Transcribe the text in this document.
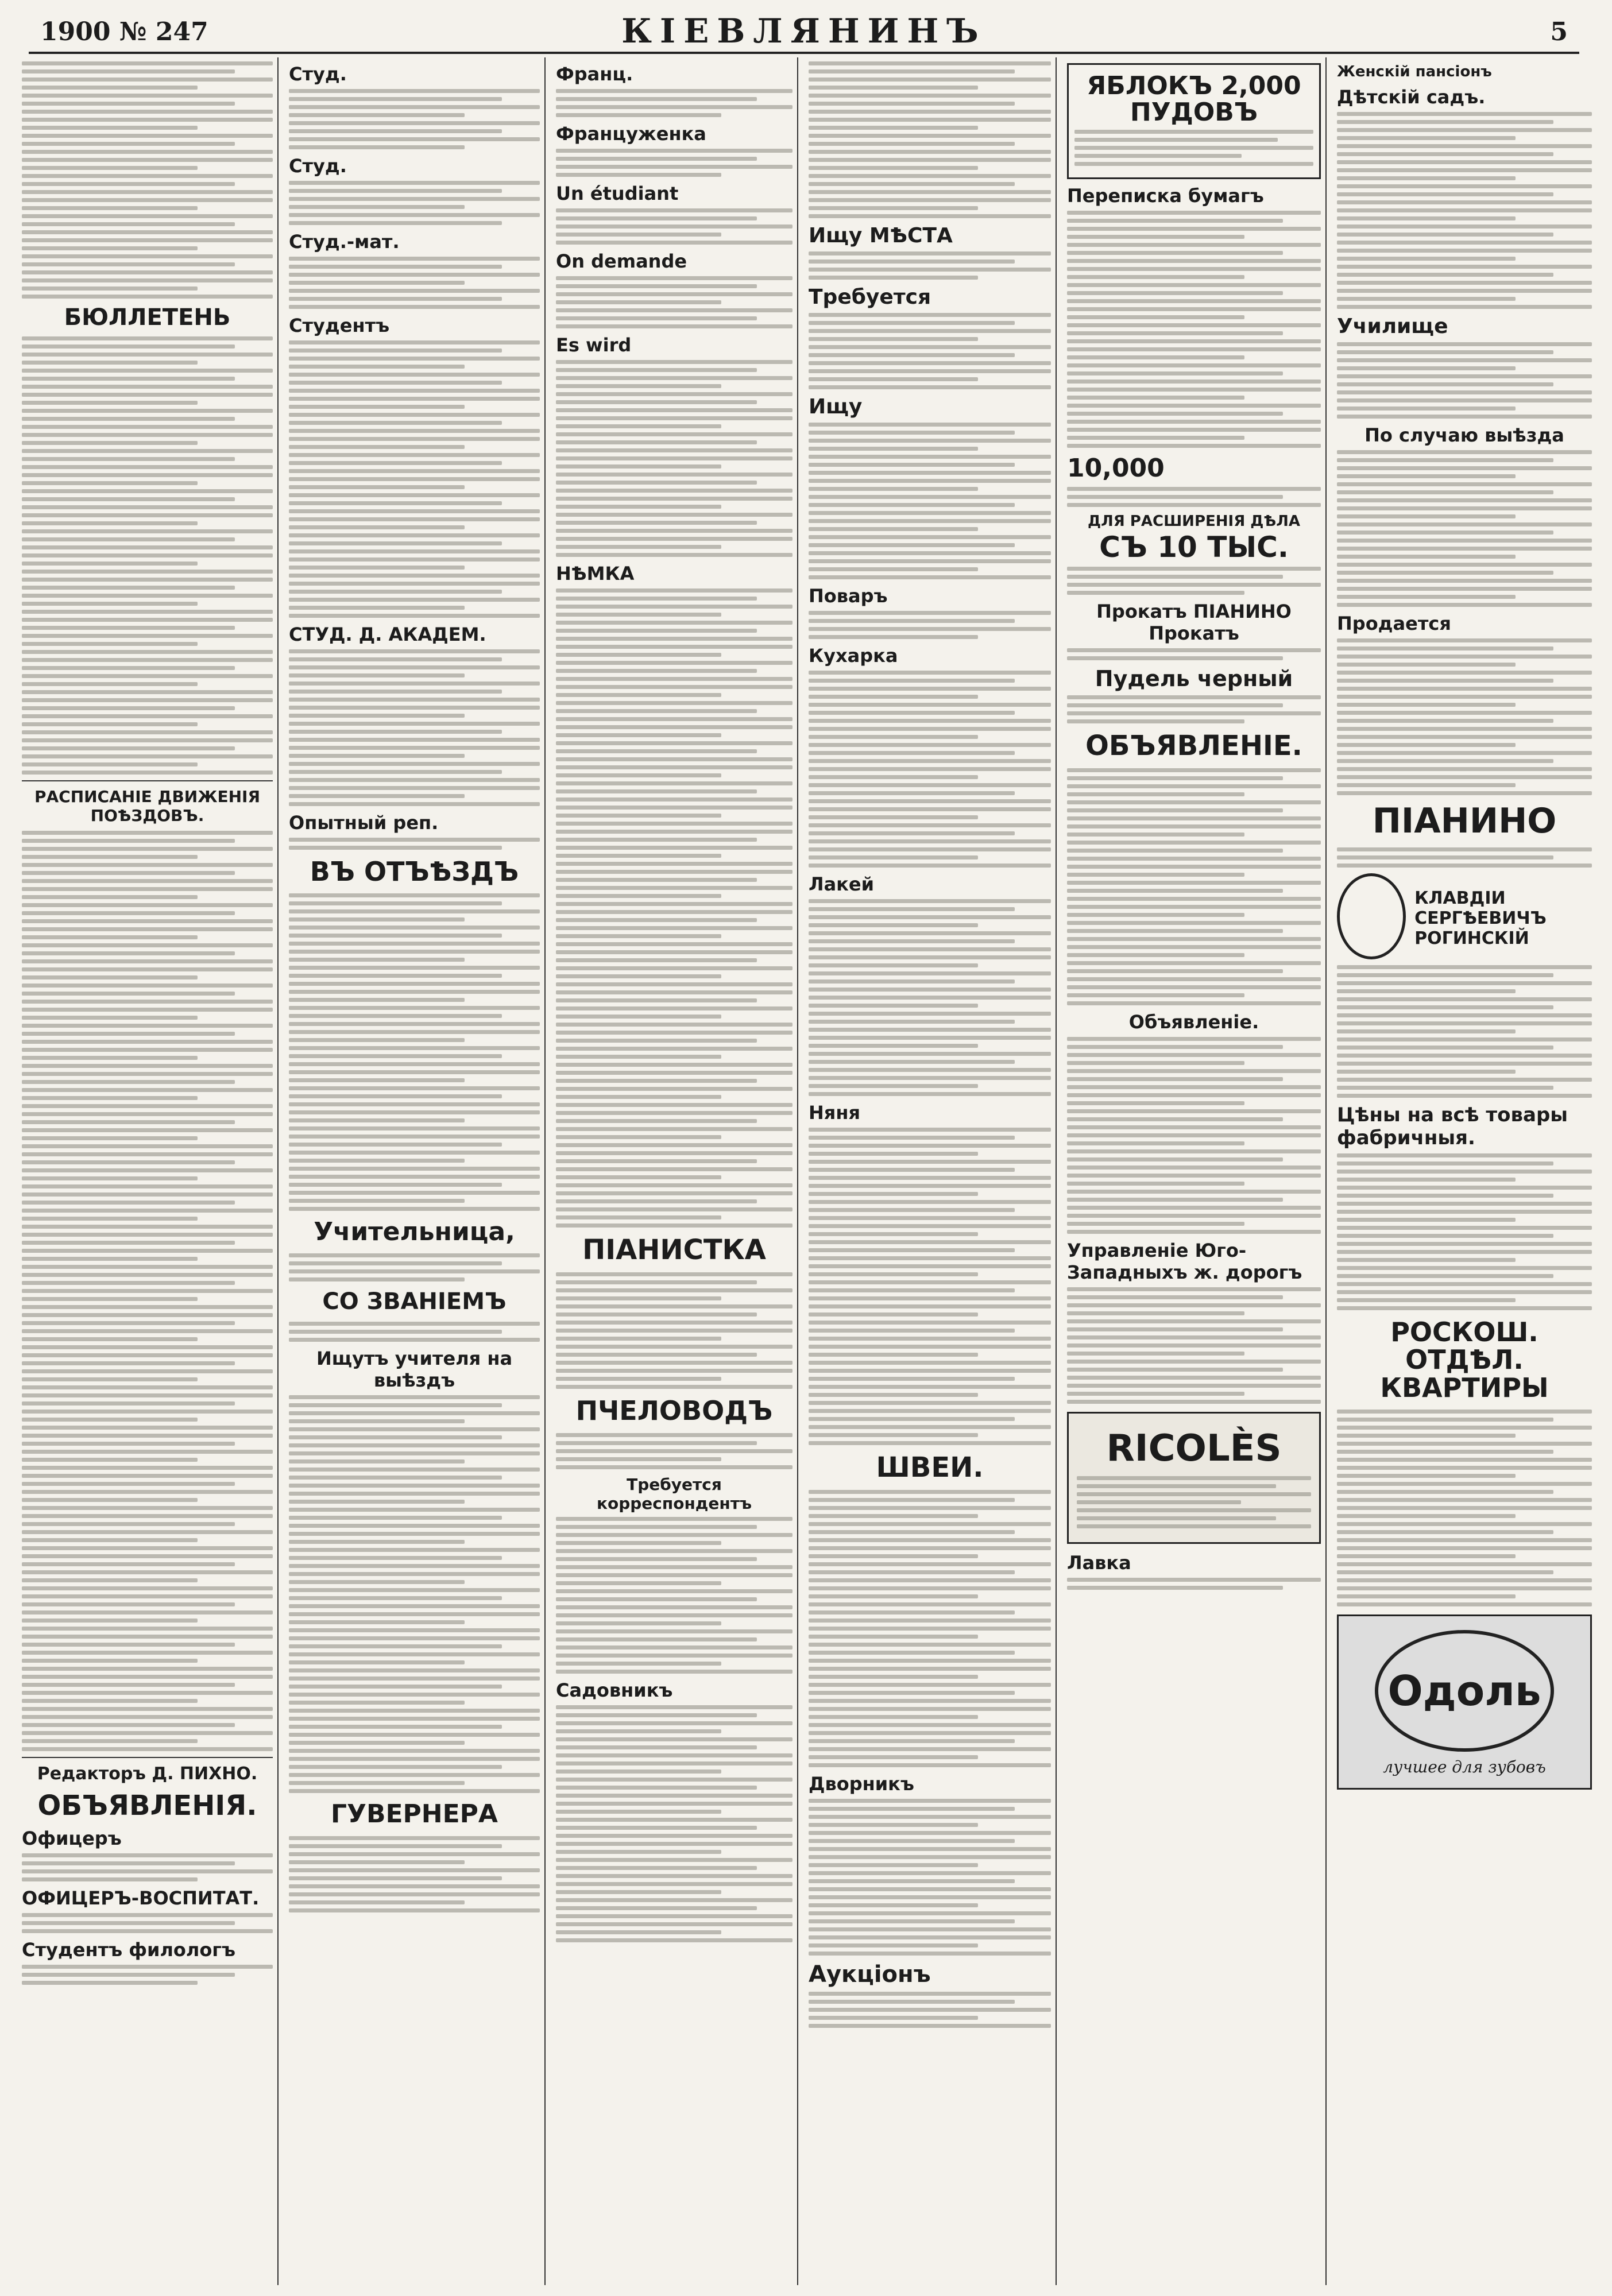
1900 № 247	КІЕВЛЯНИНЪ	5
БЮЛЛЕТЕНЬ
РАСПИСАНІЕ ДВИЖЕНІЯ ПОѢЗДОВЪ.
Редакторъ Д. ПИХНО.
ОБЪЯВЛЕНІЯ.
Офицеръ
ОФИЦЕРЪ-ВОСПИТАТ.
Студентъ филологъ
Студ.
Студ.
Студ.-мат.
Студентъ
СТУД. Д. АКАДЕМ.
Опытный реп.
ВЪ ОТЪѢЗДЪ
Учительница,
СО ЗВАНІЕМЪ
Ищутъ учителя на выѣздъ
ГУВЕРНЕРА
Франц.
Француженка
Un étudiant
On demande
Es wird
НѢМКА
ПІАНИСТКА
ПЧЕЛОВОДЪ
Требуется корреспондентъ
Садовникъ
Ищу МѢСТА
Требуется
Ищу
Поваръ
Кухарка
Лакей
Няня
ШВЕИ.
Дворникъ
Аукціонъ
ЯБЛОКЪ 2,000 ПУДОВЪ
Переписка бумагъ
10,000
ДЛЯ РАСШИРЕНІЯ ДѢЛА
СЪ 10 ТЫС.
Прокатъ ПІАНИНО Прокатъ
Пудель черный
ОБЪЯВЛЕНІЕ.
Объявленіе.
Управленіе Юго-Западныхъ ж. дорогъ
RICOLÈS
Лавка
Женскій пансіонъ
Дѣтскій садъ.
Училище
По случаю выѣзда
Продается
ПІАНИНО
КЛАВДІИ СЕРГѢЕВИЧЪ РОГИНСКІЙ
Цѣны на всѣ товары фабричныя.
РОСКОШ. ОТДѢЛ. КВАРТИРЫ
Одоль
лучшее для зубовъ
